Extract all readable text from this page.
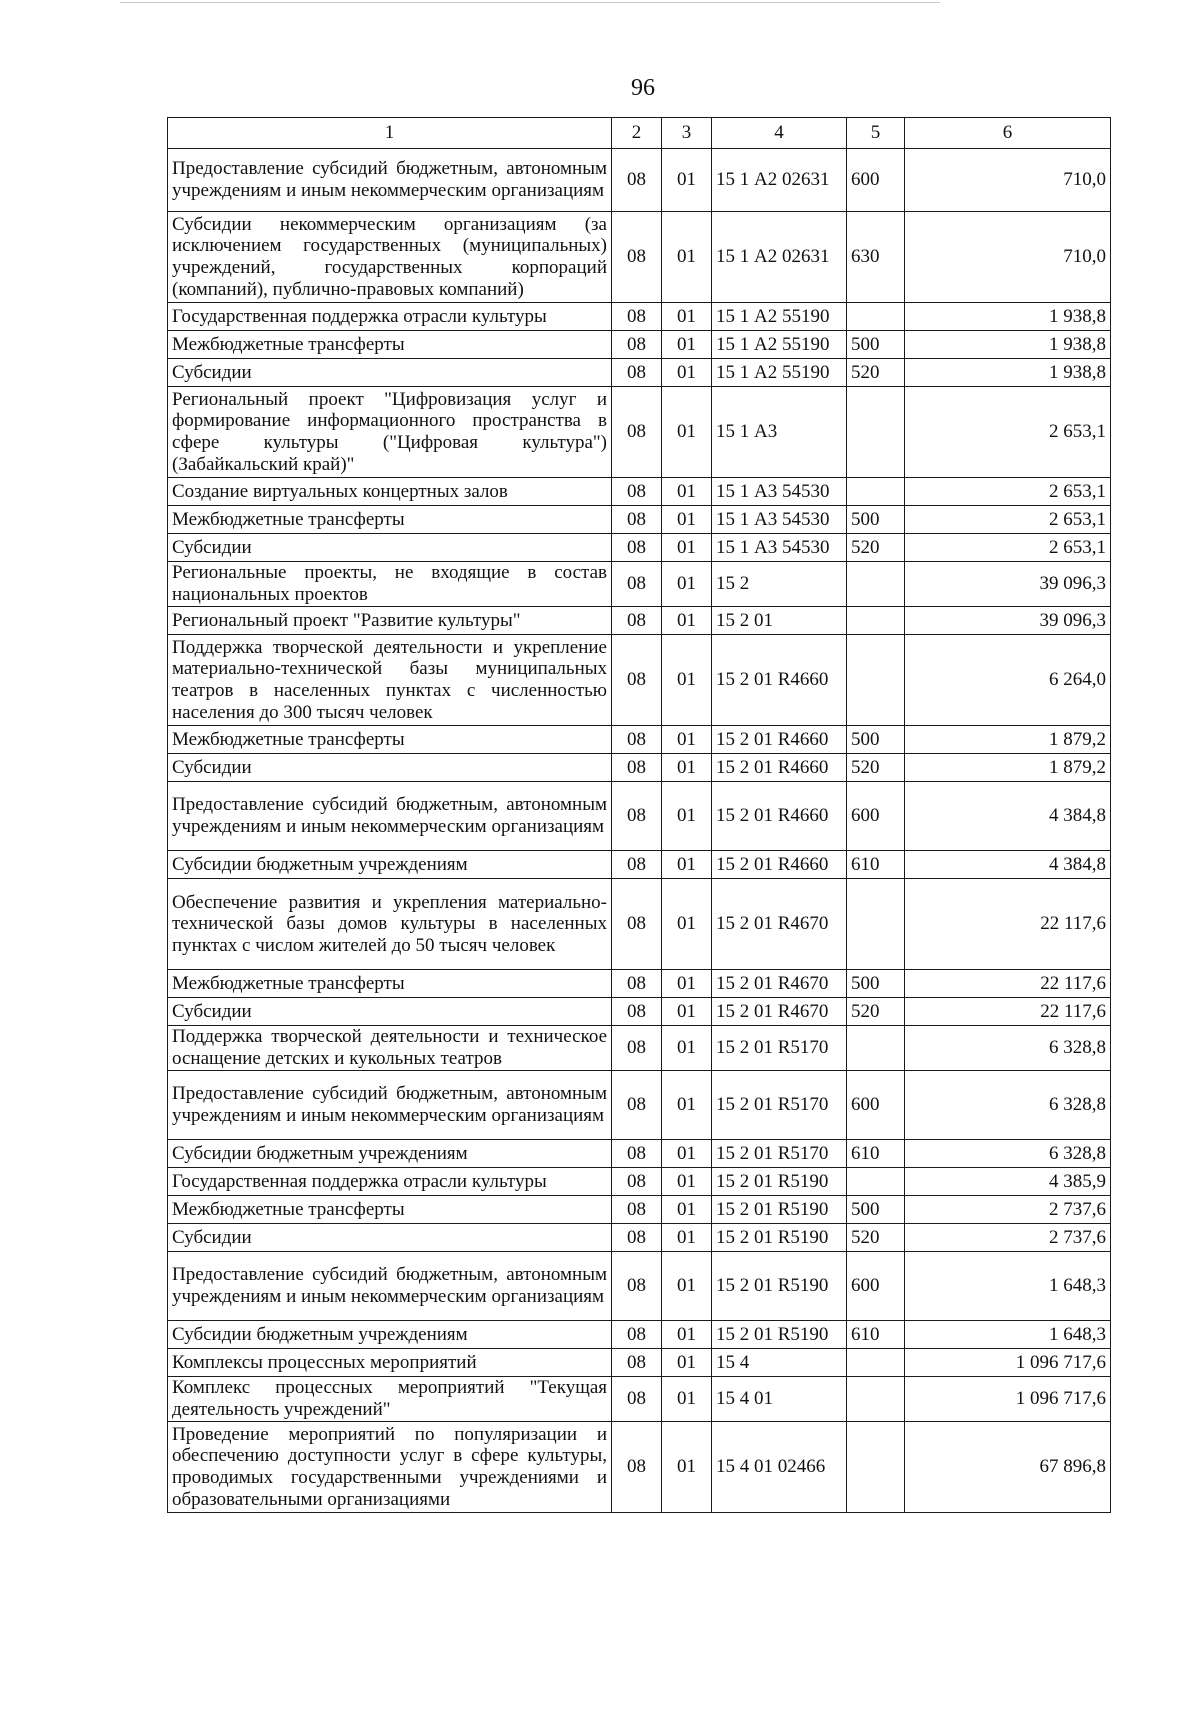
96
1	2	3	4	5	6
Предоставление субсидий бюджетным, автономным учреждениям и иным некоммерческим организациям	08	01	15 1 А2 02631	600	710,0
Субсидии некоммерческим организациям (за исключением государственных (муниципальных) учреждений, государственных корпораций (компаний), публично-правовых компаний)	08	01	15 1 А2 02631	630	710,0
Государственная поддержка отрасли культуры	08	01	15 1 А2 55190		1 938,8
Межбюджетные трансферты	08	01	15 1 А2 55190	500	1 938,8
Субсидии	08	01	15 1 А2 55190	520	1 938,8
Региональный проект "Цифровизация услуг и формирование информационного пространства в сфере культуры ("Цифровая культура") (Забайкальский край)"	08	01	15 1 А3		2 653,1
Создание виртуальных концертных залов	08	01	15 1 А3 54530		2 653,1
Межбюджетные трансферты	08	01	15 1 А3 54530	500	2 653,1
Субсидии	08	01	15 1 А3 54530	520	2 653,1
Региональные проекты, не входящие в состав национальных проектов	08	01	15 2		39 096,3
Региональный проект "Развитие культуры"	08	01	15 2 01		39 096,3
Поддержка творческой деятельности и укрепление материально-технической базы муниципальных театров в населенных пунктах с численностью населения до 300 тысяч человек	08	01	15 2 01 R4660		6 264,0
Межбюджетные трансферты	08	01	15 2 01 R4660	500	1 879,2
Субсидии	08	01	15 2 01 R4660	520	1 879,2
Предоставление субсидий бюджетным, автономным учреждениям и иным некоммерческим организациям	08	01	15 2 01 R4660	600	4 384,8
Субсидии бюджетным учреждениям	08	01	15 2 01 R4660	610	4 384,8
Обеспечение развития и укрепления материально-технической базы домов культуры в населенных пунктах с числом жителей до 50 тысяч человек	08	01	15 2 01 R4670		22 117,6
Межбюджетные трансферты	08	01	15 2 01 R4670	500	22 117,6
Субсидии	08	01	15 2 01 R4670	520	22 117,6
Поддержка творческой деятельности и техническое оснащение детских и кукольных театров	08	01	15 2 01 R5170		6 328,8
Предоставление субсидий бюджетным, автономным учреждениям и иным некоммерческим организациям	08	01	15 2 01 R5170	600	6 328,8
Субсидии бюджетным учреждениям	08	01	15 2 01 R5170	610	6 328,8
Государственная поддержка отрасли культуры	08	01	15 2 01 R5190		4 385,9
Межбюджетные трансферты	08	01	15 2 01 R5190	500	2 737,6
Субсидии	08	01	15 2 01 R5190	520	2 737,6
Предоставление субсидий бюджетным, автономным учреждениям и иным некоммерческим организациям	08	01	15 2 01 R5190	600	1 648,3
Субсидии бюджетным учреждениям	08	01	15 2 01 R5190	610	1 648,3
Комплексы процессных мероприятий	08	01	15 4		1 096 717,6
Комплекс процессных мероприятий "Текущая деятельность учреждений"	08	01	15 4 01		1 096 717,6
Проведение мероприятий по популяризации и обеспечению доступности услуг в сфере культуры, проводимых государственными учреждениями и образовательными организациями	08	01	15 4 01 02466		67 896,8
